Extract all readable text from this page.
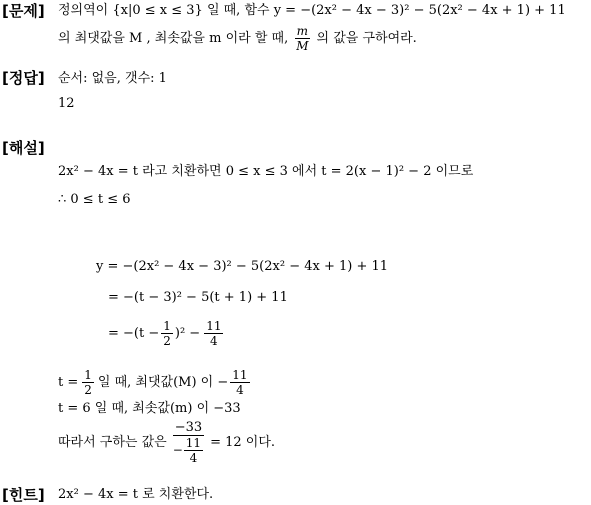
[문제]
[정답]
[해설]
[힌트]
정의역이 {x|0 ≤ x ≤ 3} 일 때, 함수 y = −(2x² − 4x − 3)² − 5(2x² − 4x + 1) + 11
의 최댓값을 M , 최솟값을 m 이라 할 때, $\frac{m}{M}$ 의 값을 구하여라.
순서: 없음, 갯수: 1
12
2x² − 4x = t 라고 치환하면 0 ≤ x ≤ 3 에서 t = 2(x − 1)² − 2 이므로
∴ 0 ≤ t ≤ 6
y = −(2x² − 4x − 3)² − 5(2x² − 4x + 1) + 11
= −(t − 3)² − 5(t + 1) + 11
= $-(t - \frac{1}{2} )^2 - \frac{11}{4}$
$t = \frac{1}{2}$ 일 때, 최댓값(M) 이 − $\frac{11}{4}$
t = 6 일 때, 최솟값(m) 이 −33
따라서 구하는 값은 $\frac{-33}{- \frac{11}{4}} = 12$ 이다.
2x² − 4x = t 로 치환한다.
